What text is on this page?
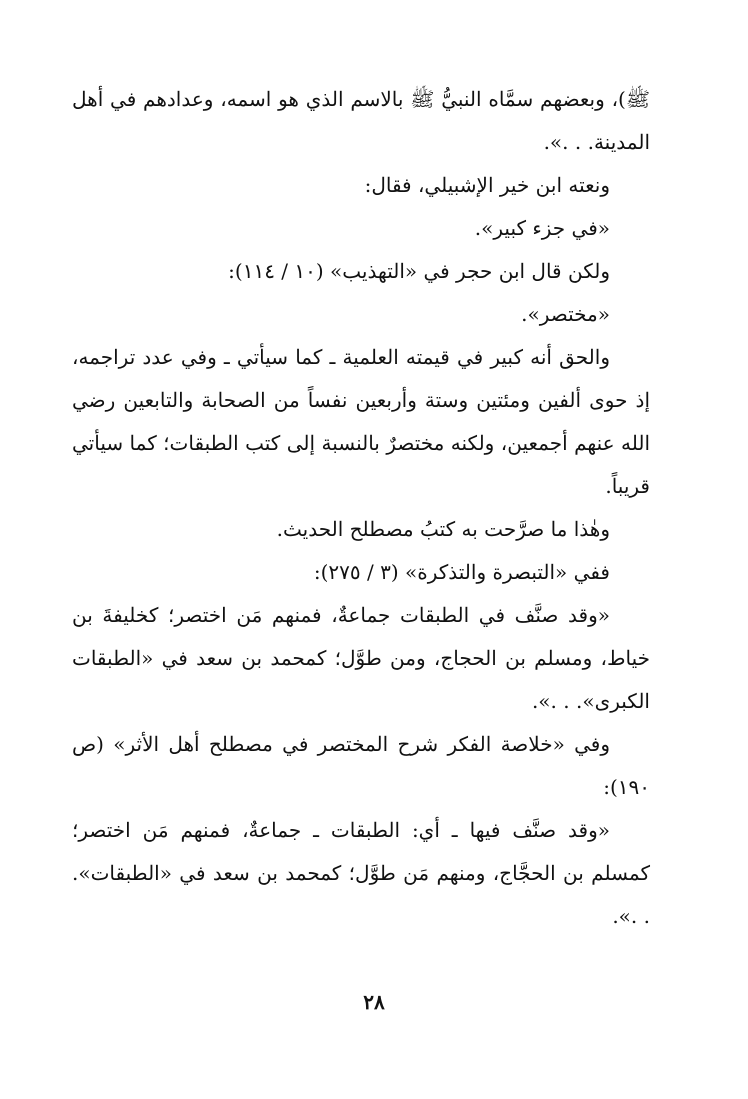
ﷺ)، وبعضهم سمَّاه النبيُّ ﷺ بالاسم الذي هو اسمه، وعدادهم في أهل المدينة. . .».

ونعته ابن خير الإشبيلي، فقال:

«في جزء كبير».

ولكن قال ابن حجر في «التهذيب» (١٠ / ١١٤):

«مختصر».

والحق أنه كبير في قيمته العلمية ـ كما سيأتي ـ وفي عدد تراجمه، إذ حوى ألفين ومئتين وستة وأربعين نفساً من الصحابة والتابعين رضي الله عنهم أجمعين، ولكنه مختصرٌ بالنسبة إلى كتب الطبقات؛ كما سيأتي قريباً.

وهٰذا ما صرَّحت به كتبُ مصطلح الحديث.

ففي «التبصرة والتذكرة» (٣ / ٢٧٥):

«وقد صنَّف في الطبقات جماعةٌ، فمنهم مَن اختصر؛ كخليفةَ بن خياط، ومسلم بن الحجاج، ومن طوَّل؛ كمحمد بن سعد في «الطبقات الكبرى». . .».

وفي «خلاصة الفكر شرح المختصر في مصطلح أهل الأثر» (ص ١٩٠):

«وقد صنَّف فيها ـ أي: الطبقات ـ جماعةٌ، فمنهم مَن اختصر؛ كمسلم بن الحجَّاج، ومنهم مَن طوَّل؛ كمحمد بن سعد في «الطبقات». . .».

٢٨
